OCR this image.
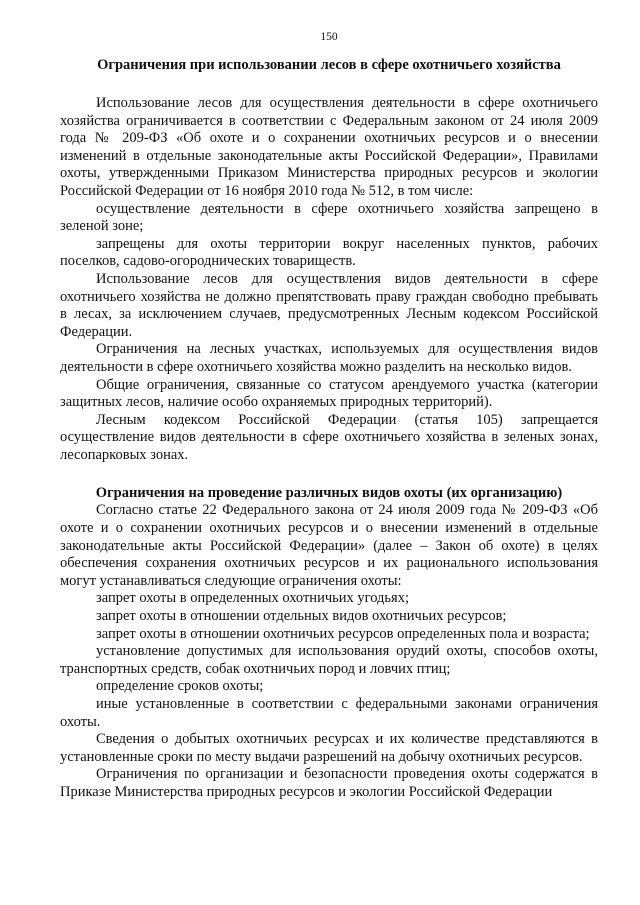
150
Ограничения при использовании лесов в сфере охотничьего хозяйства

Использование лесов для осуществления деятельности в сфере охотничьего хозяйства ограничивается в соответствии с Федеральным законом от 24 июля 2009 года № 209-ФЗ «Об охоте и о сохранении охотничьих ресурсов и о внесении изменений в отдельные законодательные акты Российской Федерации», Правилами охоты, утвержденными Приказом Министерства природных ресурсов и экологии Российской Федерации от 16 ноября 2010 года № 512, в том числе:

осуществление деятельности в сфере охотничьего хозяйства запрещено в зеленой зоне;

запрещены для охоты территории вокруг населенных пунктов, рабочих поселков, садово-огороднических товариществ.

Использование лесов для осуществления видов деятельности в сфере охотничьего хозяйства не должно препятствовать праву граждан свободно пребывать в лесах, за исключением случаев, предусмотренных Лесным кодексом Российской Федерации.

Ограничения на лесных участках, используемых для осуществления видов деятельности в сфере охотничьего хозяйства можно разделить на несколько видов.

Общие ограничения, связанные со статусом арендуемого участка (категории защитных лесов, наличие особо охраняемых природных территорий).

Лесным кодексом Российской Федерации (статья 105) запрещается осуществление видов деятельности в сфере охотничьего хозяйства в зеленых зонах, лесопарковых зонах.

Ограничения на проведение различных видов охоты (их организацию)

Согласно статье 22 Федерального закона от 24 июля 2009 года № 209-ФЗ «Об охоте и о сохранении охотничьих ресурсов и о внесении изменений в отдельные законодательные акты Российской Федерации» (далее – Закон об охоте) в целях обеспечения сохранения охотничьих ресурсов и их рационального использования могут устанавливаться следующие ограничения охоты:

запрет охоты в определенных охотничьих угодьях;

запрет охоты в отношении отдельных видов охотничьих ресурсов;

запрет охоты в отношении охотничьих ресурсов определенных пола и возраста;

установление допустимых для использования орудий охоты, способов охоты, транспортных средств, собак охотничьих пород и ловчих птиц;

определение сроков охоты;

иные установленные в соответствии с федеральными законами ограничения охоты.

Сведения о добытых охотничьих ресурсах и их количестве представляются в установленные сроки по месту выдачи разрешений на добычу охотничьих ресурсов.

Ограничения по организации и безопасности проведения охоты содержатся в Приказе Министерства природных ресурсов и экологии Российской Федерации
